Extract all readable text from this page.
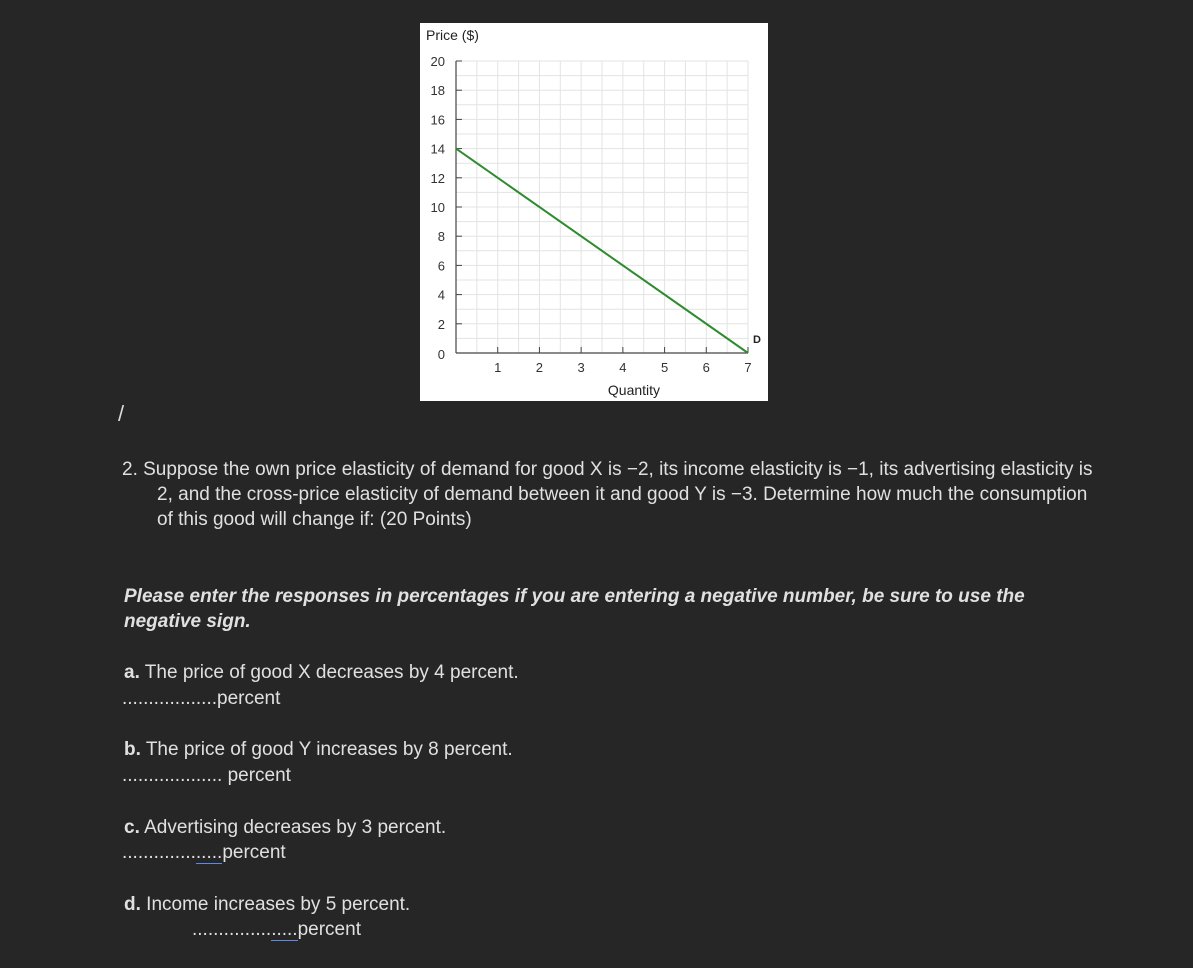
0
2
4
6
8
10
12
14
16
18
20
1	2	3	4	5	6	7
Price ($)
Quantity
D
/
2. Suppose the own price elasticity of demand for good X is −2, its income elasticity is −1, its advertising elasticity is 2, and the cross-price elasticity of demand between it and good Y is −3. Determine how much the consumption of this good will change if: (20 Points)
Please enter the responses in percentages if you are entering a negative number, be sure to use the negative sign.
a. The price of good X decreases by 4 percent.
..................percent
b. The price of good Y increases by 8 percent.
................... percent
c. Advertising decreases by 3 percent.
...................percent
d. Income increases by 5 percent.
....................percent
